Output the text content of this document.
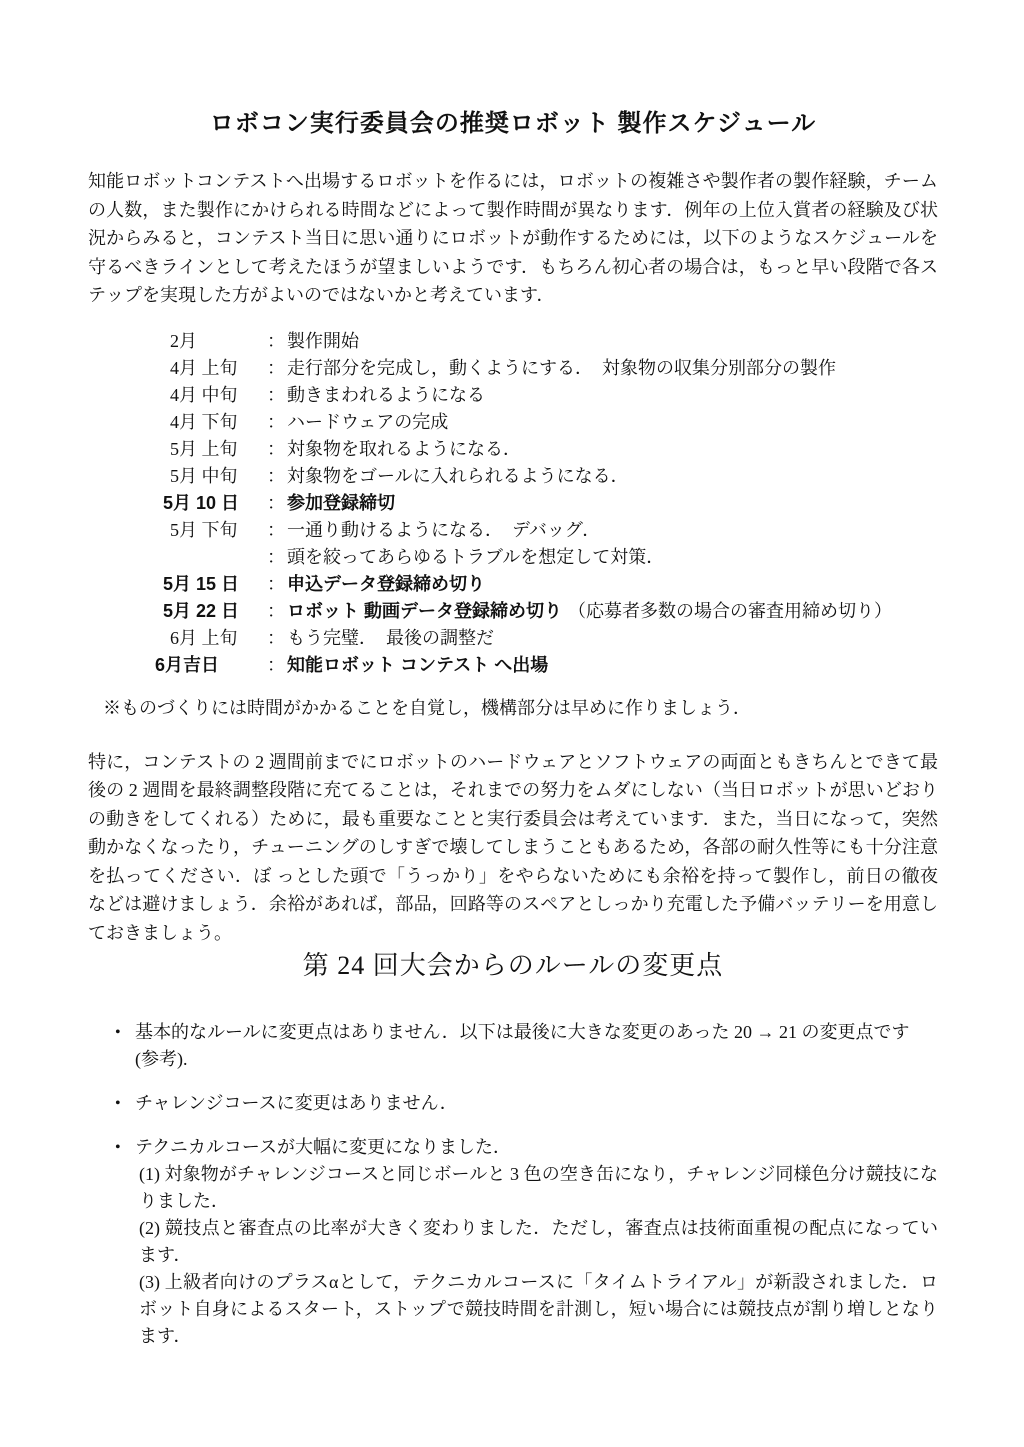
ロボコン実行委員会の推奨ロボット 製作スケジュール
知能ロボットコンテストへ出場するロボットを作るには，ロボットの複雑さや製作者の製作経験，チームの人数，また製作にかけられる時間などによって製作時間が異なります．例年の上位入賞者の経験及び状況からみると，コンテスト当日に思い通りにロボットが動作するためには，以下のようなスケジュールを守るべきラインとして考えたほうが望ましいようです．もちろん初心者の場合は，もっと早い段階で各ステップを実現した方がよいのではないかと考えています．
2月	： 製作開始
4月 上旬	： 走行部分を完成し，動くようにする．　対象物の収集分別部分の製作
4月 中旬	： 動きまわれるようになる
4月 下旬	： ハードウェアの完成
5月 上旬	： 対象物を取れるようになる．
5月 中旬	： 対象物をゴールに入れられるようになる．
5月 10 日	： 参加登録締切
5月 下旬	： 一通り動けるようになる．　デバッグ．
： 頭を絞ってあらゆるトラブルを想定して対策．
5月 15 日	： 申込データ登録締め切り
5月 22 日	： ロボット 動画データ登録締め切り （応募者多数の場合の審査用締め切り）
6月 上旬	： もう完璧．　最後の調整だ
6月吉日	： 知能ロボット コンテスト へ出場
※ものづくりには時間がかかることを自覚し，機構部分は早めに作りましょう．
特に，コンテストの 2 週間前までにロボットのハードウェアとソフトウェアの両面ともきちんとできて最後の 2 週間を最終調整段階に充てることは，それまでの努力をムダにしない（当日ロボットが思いどおりの動きをしてくれる）ために，最も重要なことと実行委員会は考えています．また，当日になって，突然動かなくなったり，チューニングのしすぎで壊してしまうこともあるため，各部の耐久性等にも十分注意を払ってください．ぼ っとした頭で「うっかり」をやらないためにも余裕を持って製作し，前日の徹夜などは避けましょう．余裕があれば，部品，回路等のスペアとしっかり充電した予備バッテリーを用意しておきましょう。
第 24 回大会からのルールの変更点
• 基本的なルールに変更点はありません．以下は最後に大きな変更のあった 20 → 21 の変更点です (参考).
• チャレンジコースに変更はありません．
• テクニカルコースが大幅に変更になりました．
(1) 対象物がチャレンジコースと同じボールと 3 色の空き缶になり，チャレンジ同様色分け競技になりました．
(2) 競技点と審査点の比率が大きく変わりました．ただし，審査点は技術面重視の配点になっています．
(3) 上級者向けのプラスαとして，テクニカルコースに「タイムトライアル」が新設されました．ロボット自身によるスタート，ストップで競技時間を計測し，短い場合には競技点が割り増しとなります．
